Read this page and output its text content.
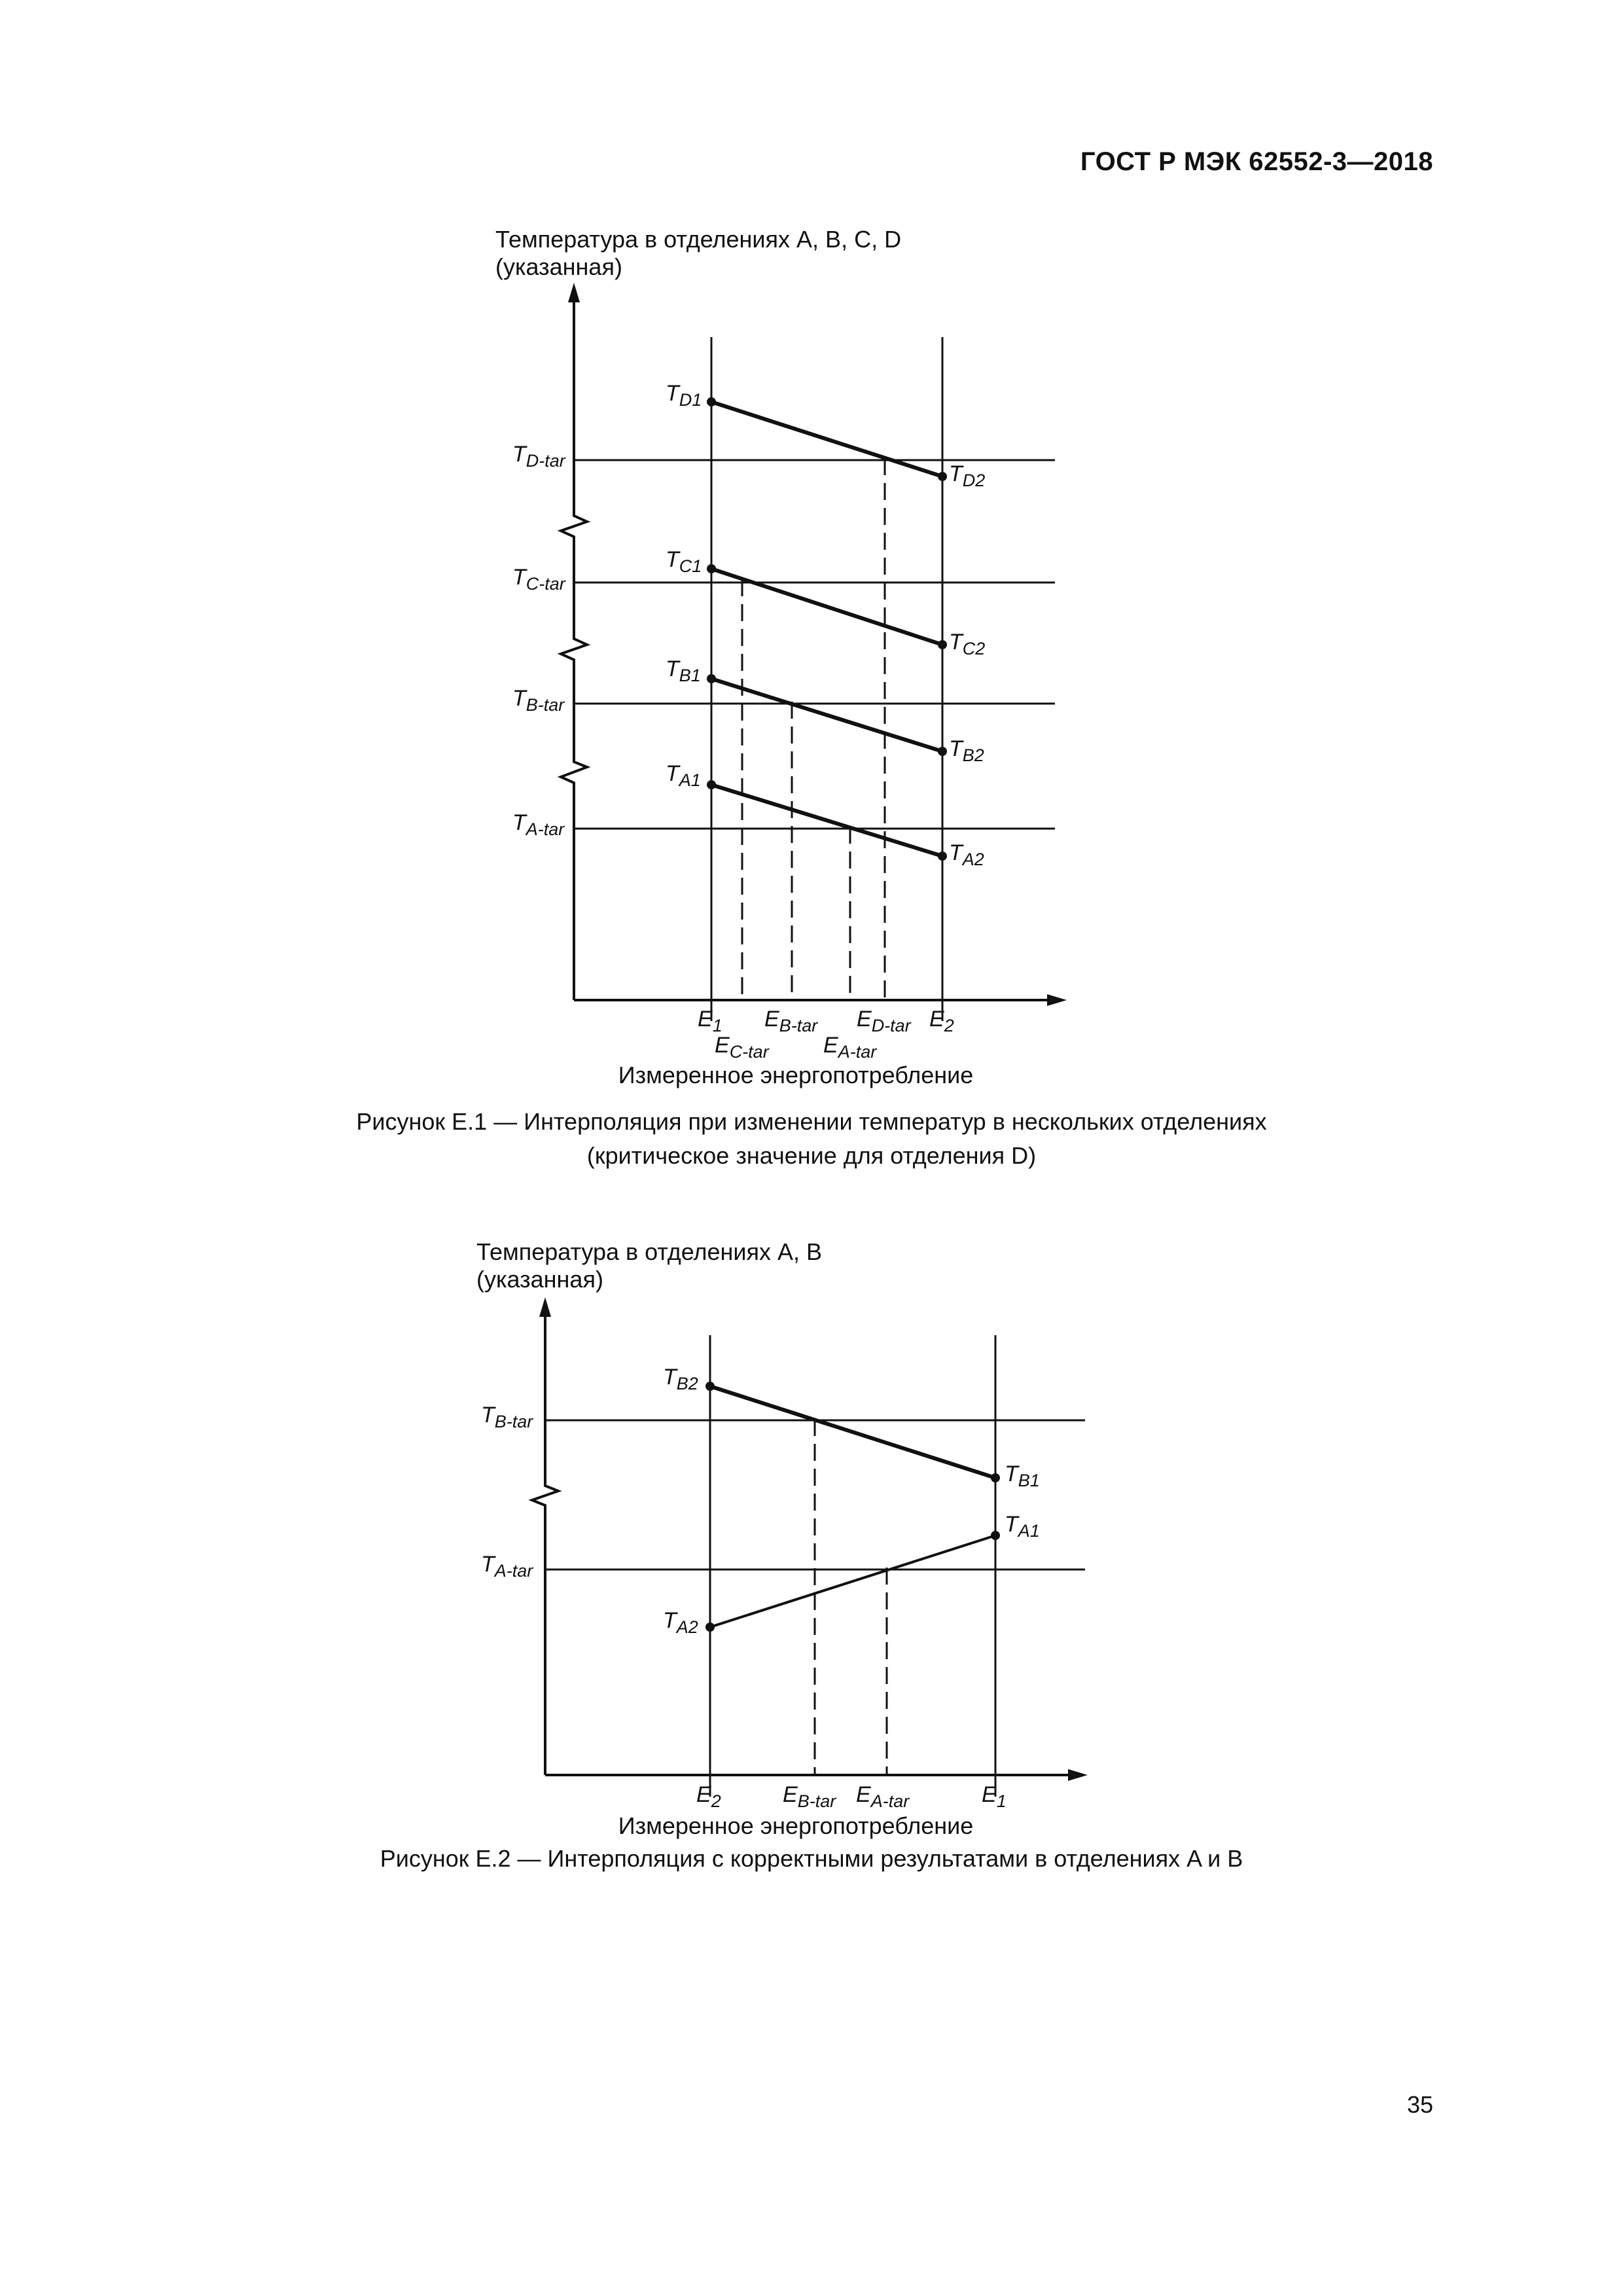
ГОСТ Р МЭК 62552-3—2018
Температура в отделениях A, B, C, D
(указанная)
$T_{D-tar}$
$T_{C-tar}$
$T_{B-tar}$
$T_{A-tar}$
$T_{D1}$
$T_{D2}$
$T_{C1}$
$T_{C2}$
$T_{B1}$
$T_{B2}$
$T_{A1}$
$T_{A2}$
$E_1$ $E_{B-tar}$ $E_{D-tar}$ $E_2$
$E_{C-tar}$ $E_{A-tar}$
Измеренное энергопотребление
Температура в отделениях A, B
(указанная)
$T_{B-tar}$
$T_{A-tar}$
$T_{B2}$
$T_{B1}$
$T_{A1}$
$T_{A2}$
$E_2$	$E_{B-tar}$ $E_{A-tar}$	$E_1$
Измеренное энергопотребление
Рисунок Е.1 — Интерполяция при изменении температур в нескольких отделениях
(критическое значение для отделения D)
Рисунок Е.2 — Интерполяция с корректными результатами в отделениях A и B
35
